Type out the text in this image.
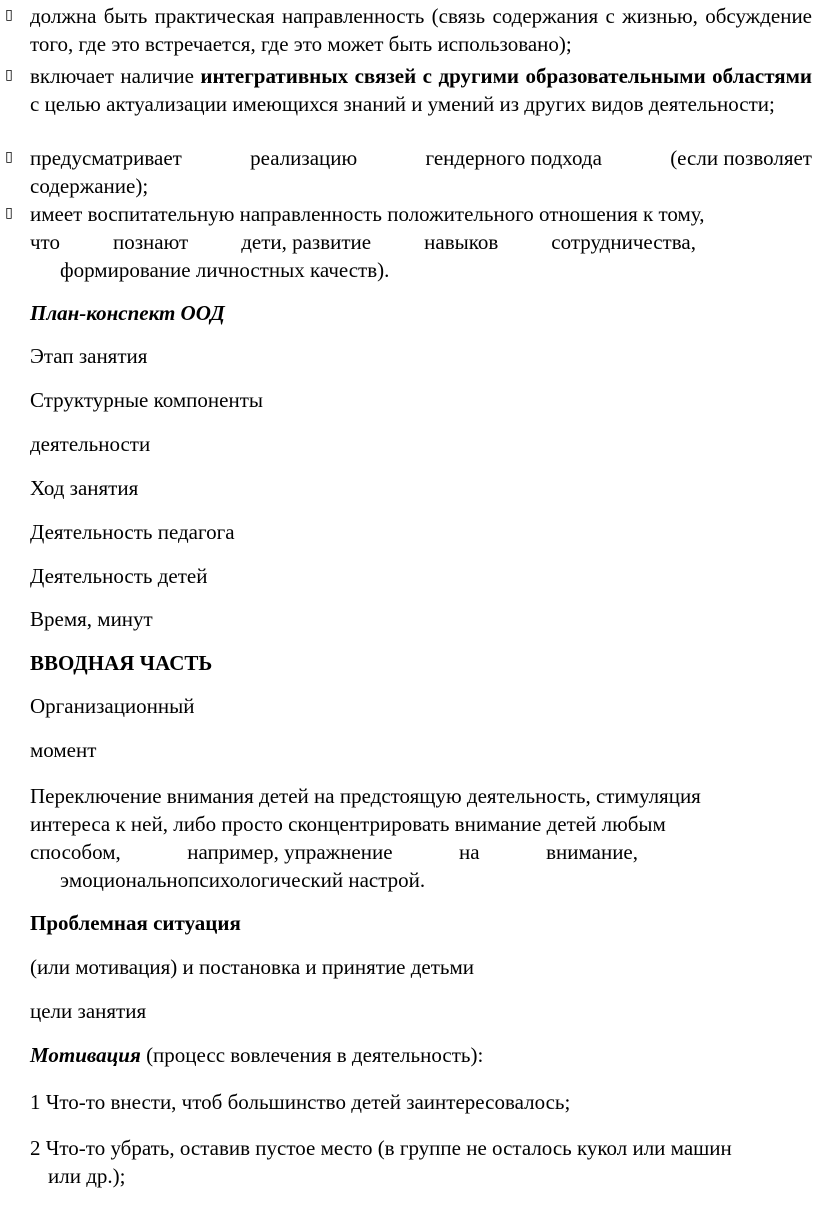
▯ должна быть практическая направленность (связь содержания с жизнью, обсуждение того, где это встречается, где это может быть использовано);
▯ включает наличие интегративных связей с другими образовательными областями с целью актуализации имеющихся знаний и умений из других видов деятельности;
▯ предусматривает	реализацию	гендерного подхода	(если позволяет
содержание);
▯ имеет воспитательную направленность положительного отношения к тому,
что	познают	дети, развитие	навыков	сотрудничества,
формирование личностных качеств).
План-конспект ООД
Этап занятия
Структурные компоненты
деятельности
Ход занятия
Деятельность педагога
Деятельность детей
Время, минут
ВВОДНАЯ ЧАСТЬ
Организационный
момент
Переключение внимания детей на предстоящую деятельность, стимуляция
интереса к ней, либо просто сконцентрировать внимание детей любым
способом,	например, упражнение	на	внимание,
эмоциональнопсихологический настрой.
Проблемная ситуация
(или мотивация) и постановка и принятие детьми
цели занятия
Мотивация (процесс вовлечения в деятельность):
1 Что-то внести, чтоб большинство детей заинтересовалось;
2 Что-то убрать, оставив пустое место (в группе не осталось кукол или машин
или др.);
